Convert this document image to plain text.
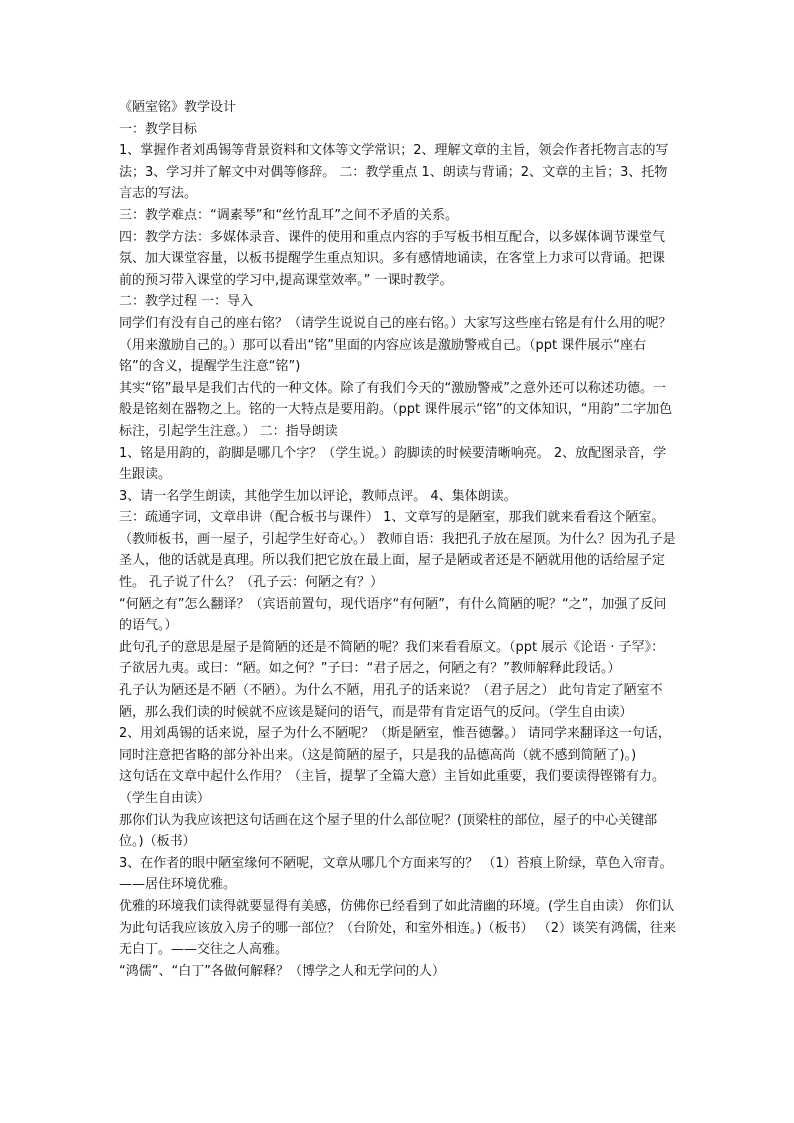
《陋室铭》教学设计

一：教学目标

1、掌握作者刘禹锡等背景资料和文体等文学常识；2、理解文章的主旨，领会作者托物言志的写法；3、学习并了解文中对偶等修辞。 二：教学重点 1、朗读与背诵；2、文章的主旨；3、托物言志的写法。

三：教学难点：“调素琴”和“丝竹乱耳”之间不矛盾的关系。

四：教学方法：多媒体录音、课件的使用和重点内容的手写板书相互配合，以多媒体调节课堂气氛、加大课堂容量，以板书提醒学生重点知识。多有感情地诵读，在客堂上力求可以背诵。把课前的预习带入课堂的学习中,提高课堂效率。” 一课时教学。

二：教学过程 一：导入

同学们有没有自己的座右铭？（请学生说说自己的座右铭。）大家写这些座右铭是有什么用的呢？（用来激励自己的。）那可以看出“铭”里面的内容应该是激励警戒自己。（ppt 课件展示“座右铭”的含义，提醒学生注意“铭”)

其实“铭”最早是我们古代的一种文体。除了有我们今天的“激励警戒”之意外还可以称述功德。一般是铭刻在器物之上。铭的一大特点是要用韵。（ppt 课件展示“铭”的文体知识，“用韵”二字加色标注，引起学生注意。） 二：指导朗读

1、铭是用韵的，韵脚是哪几个字？（学生说。）韵脚读的时候要清晰响亮。 2、放配图录音，学生跟读。

3、请一名学生朗读，其他学生加以评论，教师点评。 4、集体朗读。

三：疏通字词，文章串讲（配合板书与课件） 1、文章写的是陋室，那我们就来看看这个陋室。（教师板书，画一屋子，引起学生好奇心。） 教师自语：我把孔子放在屋顶。为什么？因为孔子是圣人，他的话就是真理。所以我们把它放在最上面，屋子是陋或者还是不陋就用他的话给屋子定性。 孔子说了什么？（孔子云：何陋之有？）

“何陋之有”怎么翻译？（宾语前置句，现代语序“有何陋”，有什么简陋的呢？“之”，加强了反问的语气。）

此句孔子的意思是屋子是简陋的还是不简陋的呢？我们来看看原文。（ppt 展示《论语 · 子罕》：子欲居九夷。或曰：“陋。如之何？”子曰：“君子居之，何陋之有？”教师解释此段话。）

孔子认为陋还是不陋（不陋）。为什么不陋，用孔子的话来说？（君子居之） 此句肯定了陋室不陋，那么我们读的时候就不应该是疑问的语气，而是带有肯定语气的反问。（学生自由读）

2、用刘禹锡的话来说，屋子为什么不陋呢？（斯是陋室，惟吾德馨。） 请同学来翻译这一句话，同时注意把省略的部分补出来。（这是简陋的屋子，只是我的品德高尚（就不感到简陋了)。)

这句话在文章中起什么作用？（主旨，提挈了全篇大意）主旨如此重要，我们要读得铿锵有力。（学生自由读）

那你们认为我应该把这句话画在这个屋子里的什么部位呢？(顶梁柱的部位，屋子的中心关键部位。)（板书）

3、在作者的眼中陋室缘何不陋呢，文章从哪几个方面来写的？ （1）苔痕上阶绿，草色入帘青。——居住环境优雅。

优雅的环境我们读得就要显得有美感，仿佛你已经看到了如此清幽的环境。(学生自由读） 你们认为此句话我应该放入房子的哪一部位？（台阶处，和室外相连。)（板书） （2）谈笑有鸿儒，往来无白丁。——交往之人高雅。

“鸿儒”、“白丁”各做何解释？（博学之人和无学问的人）
